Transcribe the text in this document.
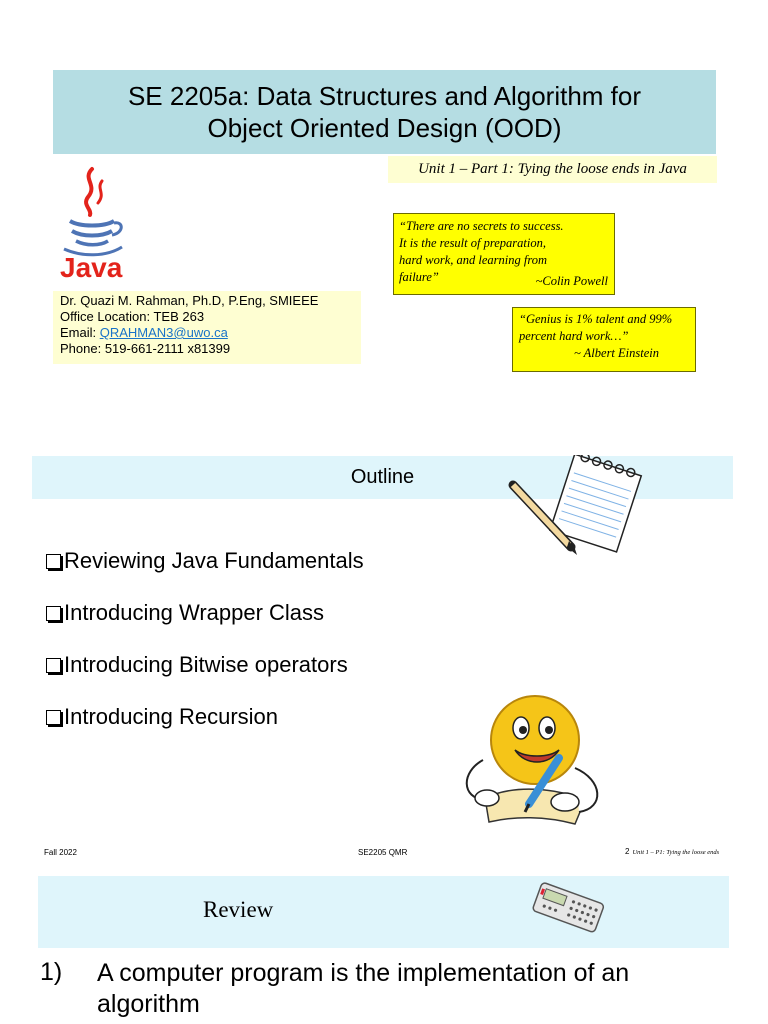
SE 2205a: Data Structures and Algorithm for
Object Oriented Design (OOD)
Unit 1 – Part 1: Tying the loose ends in Java
Java
“There are no secrets to success.
It is the result of preparation,
hard work, and learning from
failure”	~Colin Powell
“Genius is 1% talent and 99%
percent hard work…”
~ Albert Einstein
Dr. Quazi M. Rahman, Ph.D, P.Eng, SMIEEE
Office Location: TEB 263
Email: QRAHMAN3@uwo.ca
Phone: 519-661-2111 x81399
Outline
Reviewing Java Fundamentals
Introducing Wrapper Class
Introducing Bitwise operators
Introducing Recursion
Fall 2022	SE2205 QMR	2 Unit 1 – P1: Tying the loose ends
Review
1) A computer program is the implementation of an algorithm
